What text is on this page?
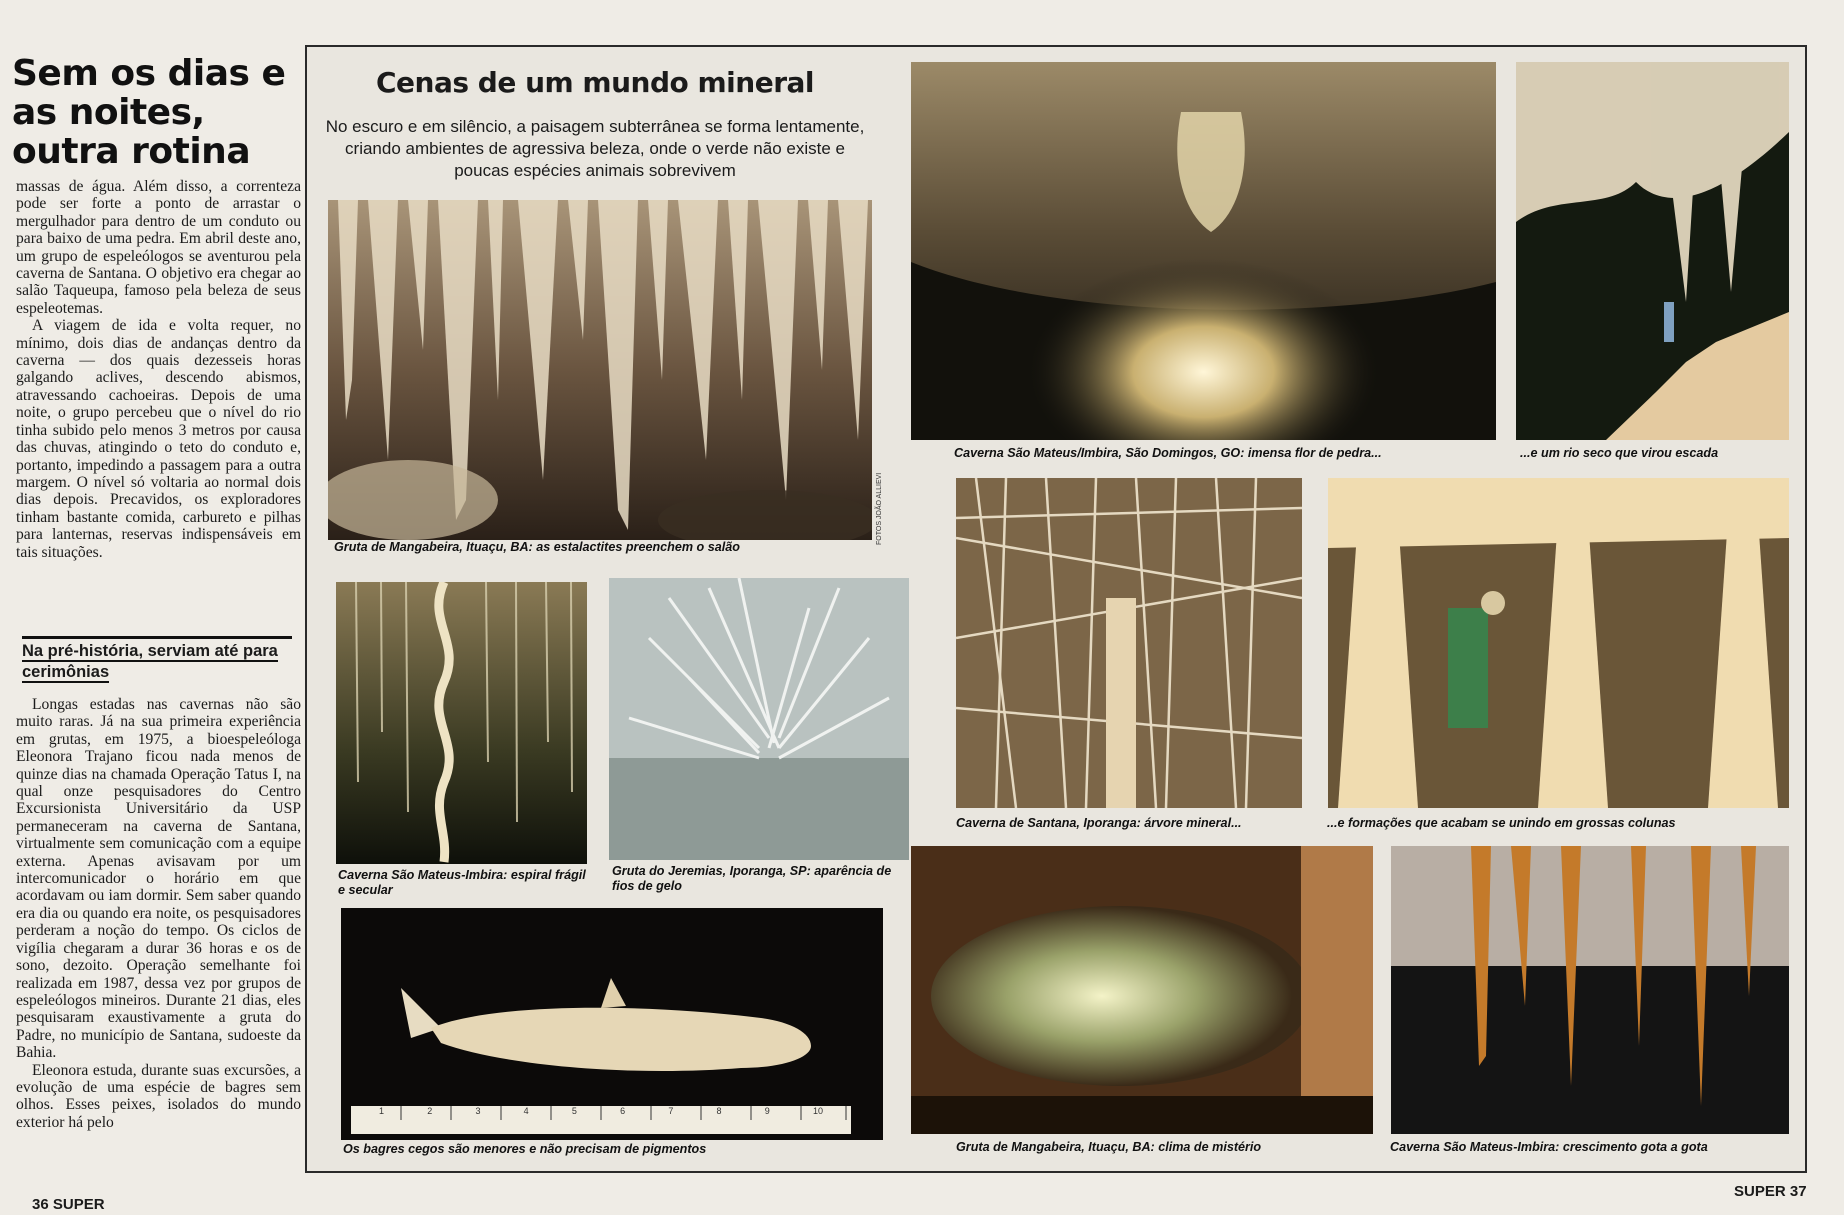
Sem os dias e as noites, outra rotina

massas de água. Além disso, a correnteza pode ser forte a ponto de arrastar o mergulhador para dentro de um conduto ou para baixo de uma pedra. Em abril deste ano, um grupo de espeleólogos se aventurou pela caverna de Santana. O objetivo era chegar ao salão Taqueupa, famoso pela beleza de seus espeleotemas.

A viagem de ida e volta requer, no mínimo, dois dias de andanças dentro da caverna — dos quais dezesseis horas galgando aclives, descendo abismos, atravessando cachoeiras. Depois de uma noite, o grupo percebeu que o nível do rio tinha subido pelo menos 3 metros por causa das chuvas, atingindo o teto do conduto e, portanto, impedindo a passagem para a outra margem. O nível só voltaria ao normal dois dias depois. Precavidos, os exploradores tinham bastante comida, carbureto e pilhas para lanternas, reservas indispensáveis em tais situações.

Na pré-história, serviam até para cerimônias

Longas estadas nas cavernas não são muito raras. Já na sua primeira experiência em grutas, em 1975, a bioespeleóloga Eleonora Trajano ficou nada menos de quinze dias na chamada Operação Tatus I, na qual onze pesquisadores do Centro Excursionista Universitário da USP permaneceram na caverna de Santana, virtualmente sem comunicação com a equipe externa. Apenas avisavam por um intercomunicador o horário em que acordavam ou iam dormir. Sem saber quando era dia ou quando era noite, os pesquisadores perderam a noção do tempo. Os ciclos de vigília chegaram a durar 36 horas e os de sono, dezoito. Operação semelhante foi realizada em 1987, dessa vez por grupos de espeleólogos mineiros. Durante 21 dias, eles pesquisaram exaustivamente a gruta do Padre, no município de Santana, sudoeste da Bahia.

Eleonora estuda, durante suas excursões, a evolução de uma espécie de bagres sem olhos. Esses peixes, isolados do mundo exterior há pelo

36 SUPER
SUPER 37
Cenas de um mundo mineral
No escuro e em silêncio, a paisagem subterrânea se forma lentamente, criando ambientes de agressiva beleza, onde o verde não existe e poucas espécies animais sobrevivem
Gruta de Mangabeira, Ituaçu, BA: as estalactites preenchem o salão
FOTOS JOÃO ALLIEVI
Caverna São Mateus-Imbira: espiral frágil e secular
Gruta do Jeremias, Iporanga, SP: aparência de fios de gelo
1	2	3	4	5	6	7	8	9	10
Os bagres cegos são menores e não precisam de pigmentos
Caverna São Mateus/Imbira, São Domingos, GO: imensa flor de pedra...	...e um rio seco que virou escada
Caverna de Santana, Iporanga: árvore mineral...	...e formações que acabam se unindo em grossas colunas
Gruta de Mangabeira, Ituaçu, BA: clima de mistério	Caverna São Mateus-Imbira: crescimento gota a gota
